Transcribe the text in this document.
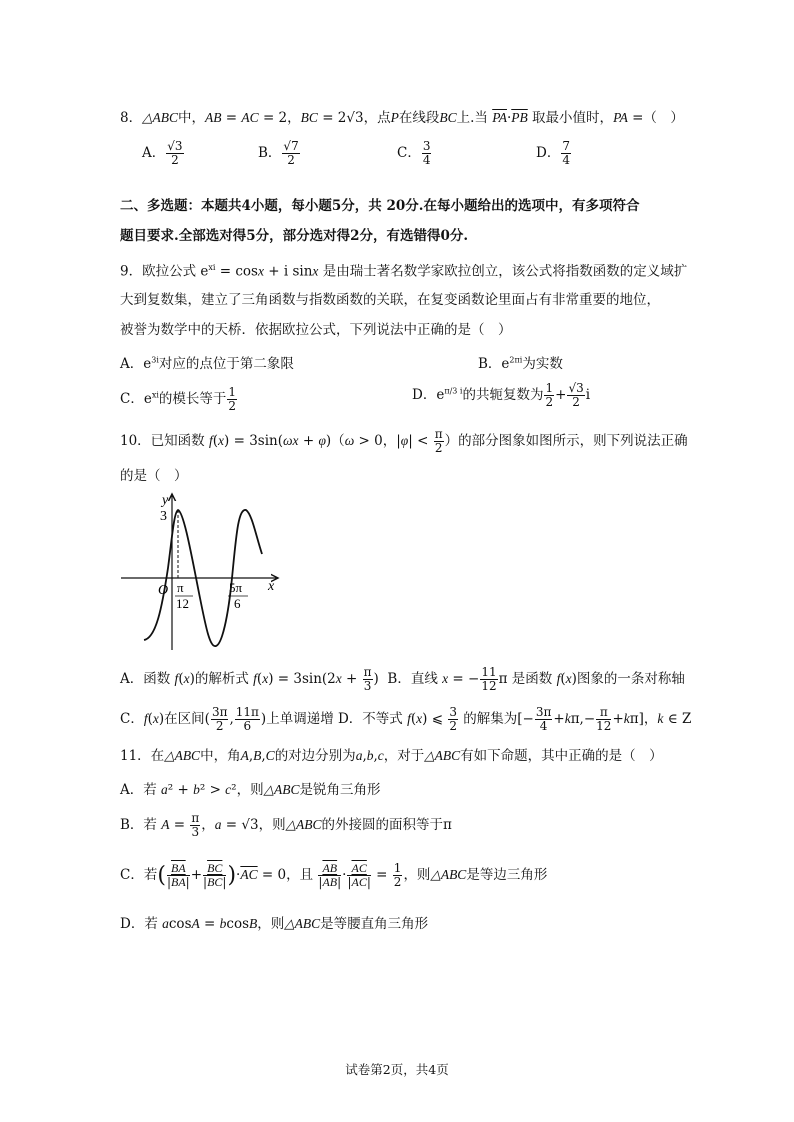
8．△ABC中，AB = AC = 2，BC = 2√3，点P在线段BC上.当 $\overline{PA}\cdot\overline{PB}$ 取最小值时，PA =（　）
A． $\frac{√3}{2}$	B． $\frac{√7}{2}$	C． $\frac{3}{4}$	D． $\frac{7}{4}$
二、多选题：本题共4小题，每小题5分，共 20分.在每小题给出的选项中，有多项符合
题目要求.全部选对得5分，部分选对得2分，有选错得0分.
9．欧拉公式 $e^{xi} = \cos x + i$ sinx 是由瑞士著名数学家欧拉创立，该公式将指数函数的定义域扩
大到复数集，建立了三角函数与指数函数的关联，在复变函数论里面占有非常重要的地位，
被誉为数学中的天桥．依据欧拉公式，下列说法中正确的是（　）
A．$e^{3i}$对应的点位于第二象限	B．$e^{2\pi i}$为实数
C．$e^{xi}$的模长等于 $\frac{1}{2}$	D．$e^{\pi/3 i}$的共轭复数为 $\frac{1}{2} + \frac{√3}{2}$ i
10．已知函数 f(x) = 3sin(ωx + φ)（ω > 0，$|\varphi| < \frac{\pi}{2}$ ）的部分图象如图所示，则下列说法正确
的是（　）
y
x
O
3
π
12
5π
6
A．函数 f(x)的解析式 $f(x) = 3\sin(2x + \frac{\pi}{3}$ )  B．直线 x = − $\frac{11}{12}$ π 是函数 f(x)图象的一条对称轴
C．f(x)在区间( $\frac{3\pi}{2}$ , $\frac{11\pi}{6}$ )上单调递增 D．不等式 f(x) ⩽ $\frac{3}{2}$ 的解集为[− $\frac{3\pi}{4} +k\pi,- \frac{\pi}{12} +k\pi$]，k ∈ Z
11．在△ABC中，角A,B,C的对边分别为a,b,c，对于△ABC有如下命题，其中正确的是（　）
A．若 a² + b² > c²，则△ABC是锐角三角形
B．若 $A = \frac{\pi}{3}$ ，a = √3，则△ABC的外接圆的面积等于π
C．若( $\frac{\overline{BA}}{|\overline{BA}|} + \frac{\overline{BC}}{|\overline{BC}|} )\cdot\overline{AC} = 0$，且 $\frac{\overline{AB}}{|\overline{AB}|} \cdot \frac{\overline{AC}}{|\overline{AC}|} = \frac{1}{2}$ ，则△ABC是等边三角形
D．若 acosA = bcosB，则△ABC是等腰直角三角形
试卷第2页，共4页
